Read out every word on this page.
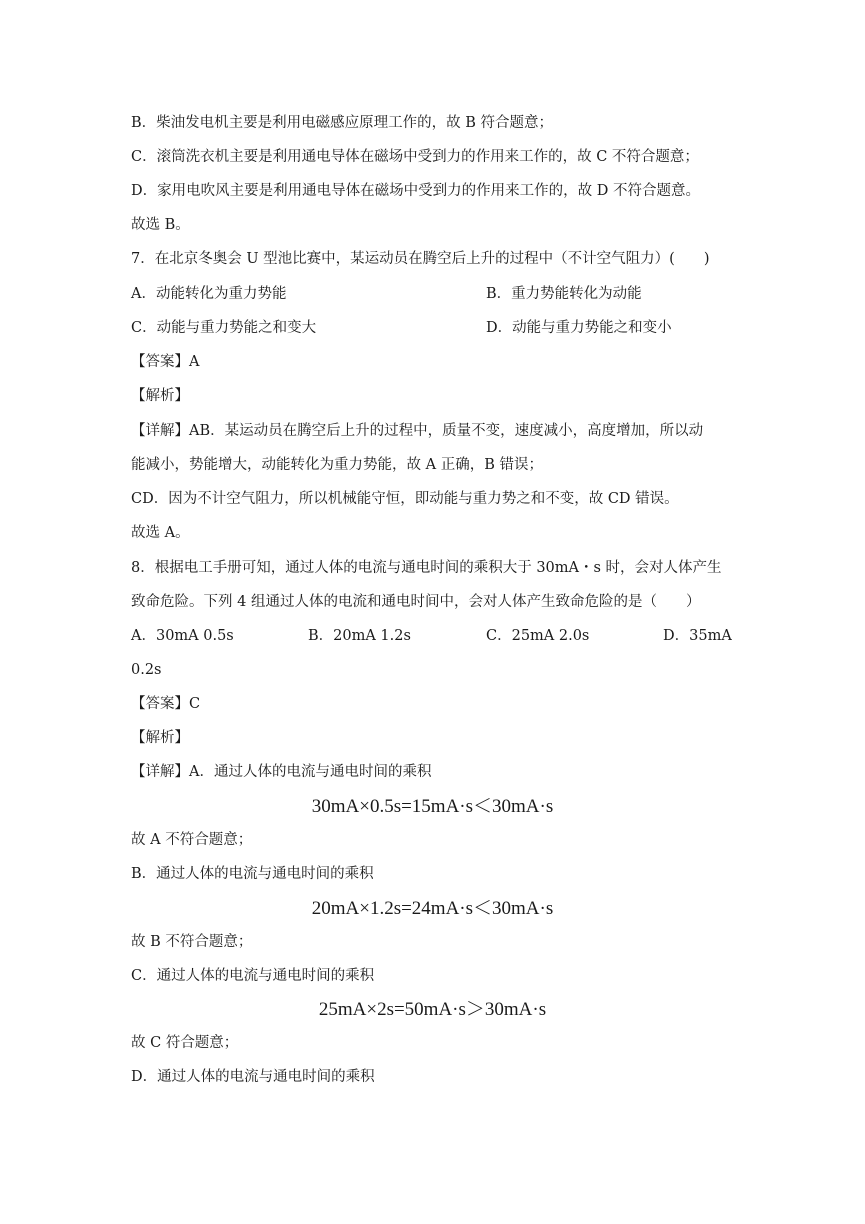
B．柴油发电机主要是利用电磁感应原理工作的，故 B 符合题意；
C．滚筒洗衣机主要是利用通电导体在磁场中受到力的作用来工作的，故 C 不符合题意；
D．家用电吹风主要是利用通电导体在磁场中受到力的作用来工作的，故 D 不符合题意。
故选 B。
7．在北京冬奥会 U 型池比赛中，某运动员在腾空后上升的过程中（不计空气阻力）(　　)
A．动能转化为重力势能	B．重力势能转化为动能
C．动能与重力势能之和变大	D．动能与重力势能之和变小
【答案】A
【解析】
【详解】AB．某运动员在腾空后上升的过程中，质量不变，速度减小，高度增加，所以动
能减小，势能增大，动能转化为重力势能，故 A 正确，B 错误；
CD．因为不计空气阻力，所以机械能守恒，即动能与重力势之和不变，故 CD 错误。
故选 A。
8．根据电工手册可知，通过人体的电流与通电时间的乘积大于 30mA・s 时，会对人体产生
致命危险。下列 4 组通过人体的电流和通电时间中，会对人体产生致命危险的是（　　）
A．30mA 0.5s	B．20mA 1.2s	C．25mA 2.0s	D．35mA
0.2s
【答案】C
【解析】
【详解】A．通过人体的电流与通电时间的乘积
30mA×0.5s=15mA·s＜30mA·s
故 A 不符合题意；
B．通过人体的电流与通电时间的乘积
20mA×1.2s=24mA·s＜30mA·s
故 B 不符合题意；
C．通过人体的电流与通电时间的乘积
25mA×2s=50mA·s＞30mA·s
故 C 符合题意；
D．通过人体的电流与通电时间的乘积
